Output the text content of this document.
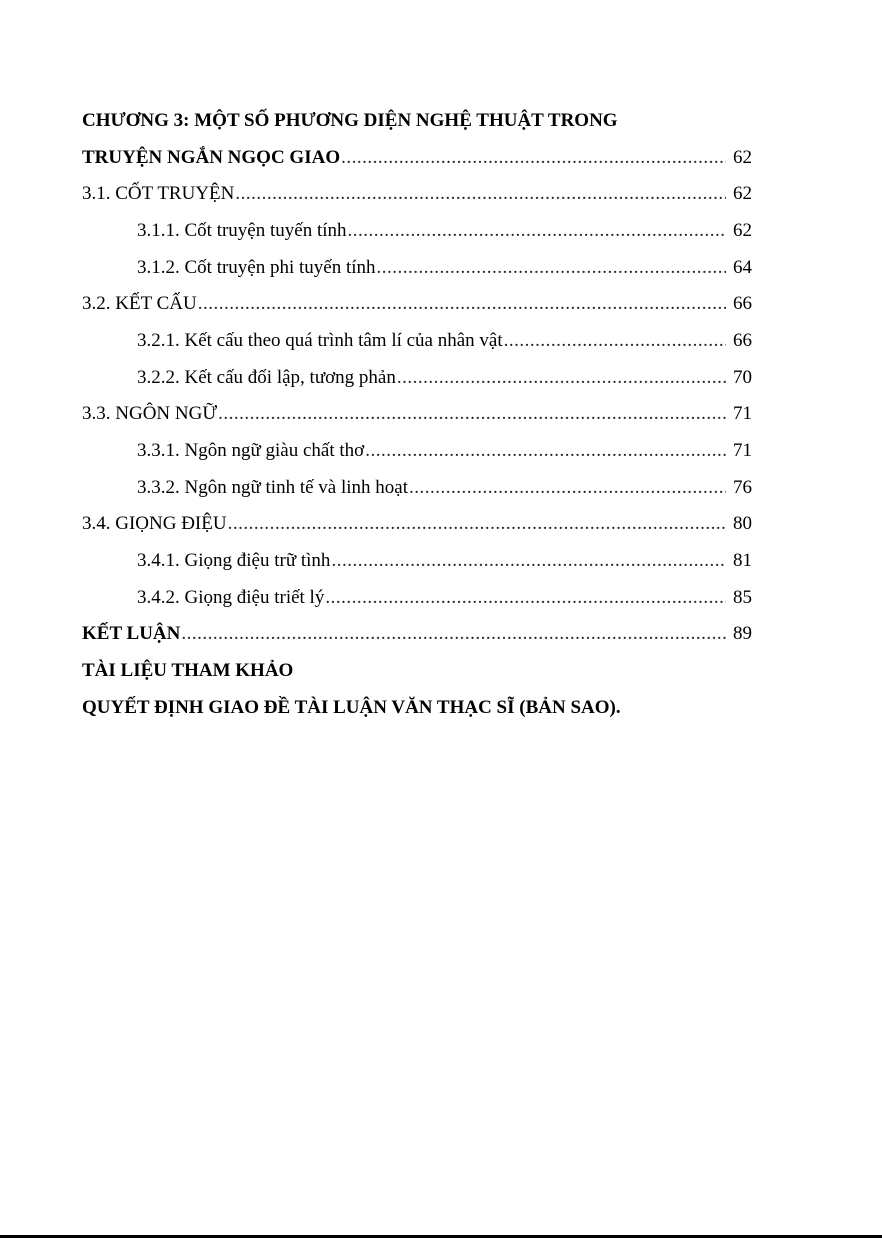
CHƯƠNG 3: MỘT SỐ PHƯƠNG DIỆN NGHỆ THUẬT TRONG
TRUYỆN NGẮN NGỌC GIAO .....	62
3.1. CỐT TRUYỆN .....	62
3.1.1. Cốt truyện tuyến tính .....	62
3.1.2. Cốt truyện phi tuyến tính .....	64
3.2. KẾT CẤU .....	66
3.2.1. Kết cấu theo quá trình tâm lí của nhân vật .....	66
3.2.2. Kết cấu đối lập, tương phản .....	70
3.3. NGÔN NGỮ .....	71
3.3.1. Ngôn ngữ giàu chất thơ .....	71
3.3.2. Ngôn ngữ tinh tế và linh hoạt .....	76
3.4. GIỌNG ĐIỆU .....	80
3.4.1. Giọng điệu trữ tình .....	81
3.4.2. Giọng điệu triết lý .....	85
KẾT LUẬN .....	89
TÀI LIỆU THAM KHẢO
QUYẾT ĐỊNH GIAO ĐỀ TÀI LUẬN VĂN THẠC SĨ (BẢN SAO).
